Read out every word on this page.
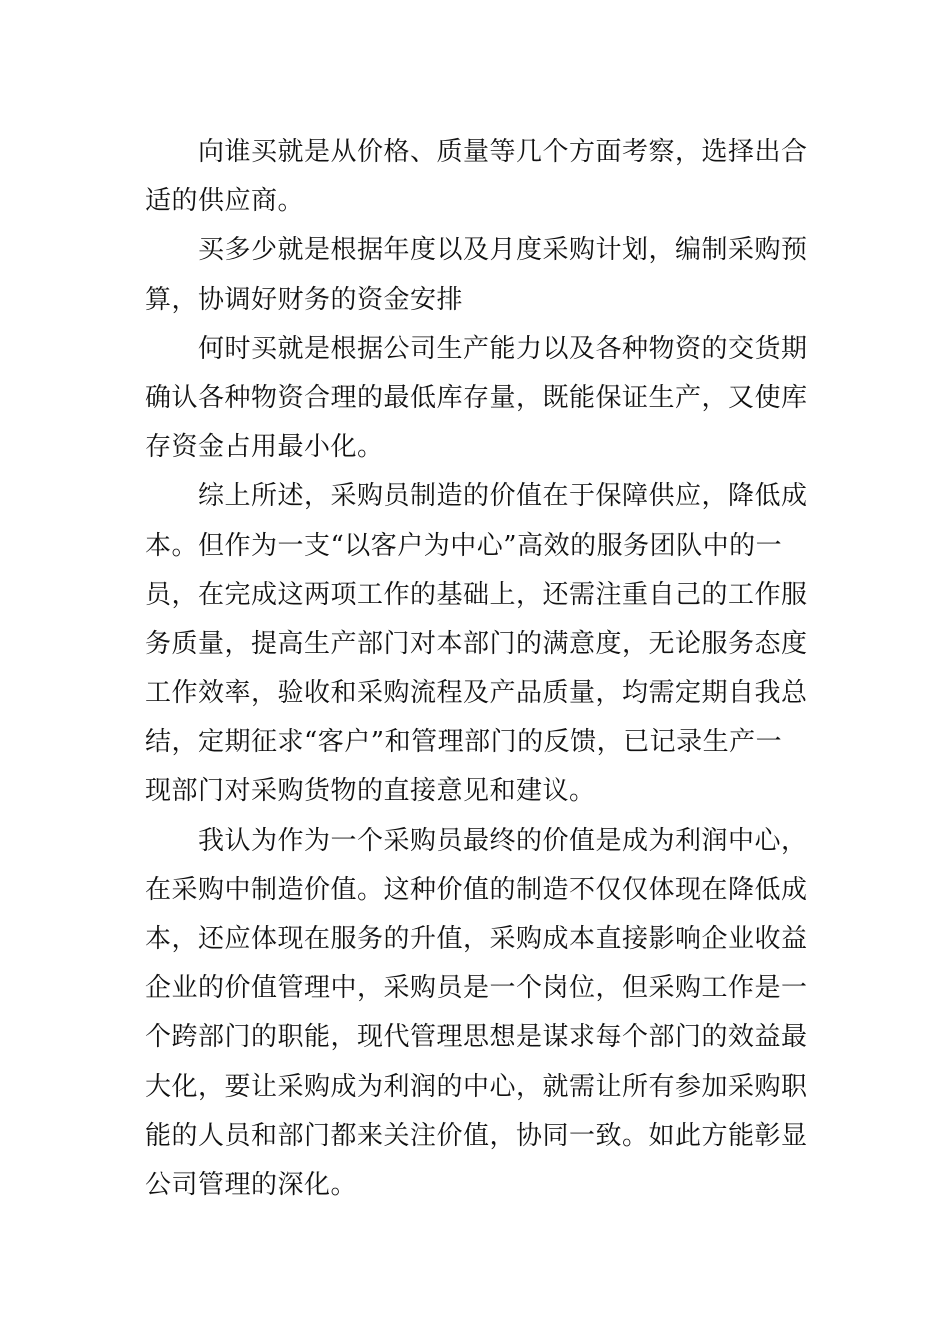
向谁买就是从价格、质量等几个方面考察，选择出合
适的供应商。
买多少就是根据年度以及月度采购计划，编制采购预
算，协调好财务的资金安排
何时买就是根据公司生产能力以及各种物资的交货期
确认各种物资合理的最低库存量，既能保证生产，又使库
存资金占用最小化。
综上所述，采购员制造的价值在于保障供应，降低成
本。但作为一支“以客户为中心”高效的服务团队中的一
员，在完成这两项工作的基础上，还需注重自己的工作服
务质量，提高生产部门对本部门的满意度，无论服务态度
工作效率，验收和采购流程及产品质量，均需定期自我总
结，定期征求“客户”和管理部门的反馈，已记录生产一
现部门对采购货物的直接意见和建议。
我认为作为一个采购员最终的价值是成为利润中心，
在采购中制造价值。这种价值的制造不仅仅体现在降低成
本，还应体现在服务的升值，采购成本直接影响企业收益
企业的价值管理中，采购员是一个岗位，但采购工作是一
个跨部门的职能，现代管理思想是谋求每个部门的效益最
大化，要让采购成为利润的中心，就需让所有参加采购职
能的人员和部门都来关注价值，协同一致。如此方能彰显
公司管理的深化。
